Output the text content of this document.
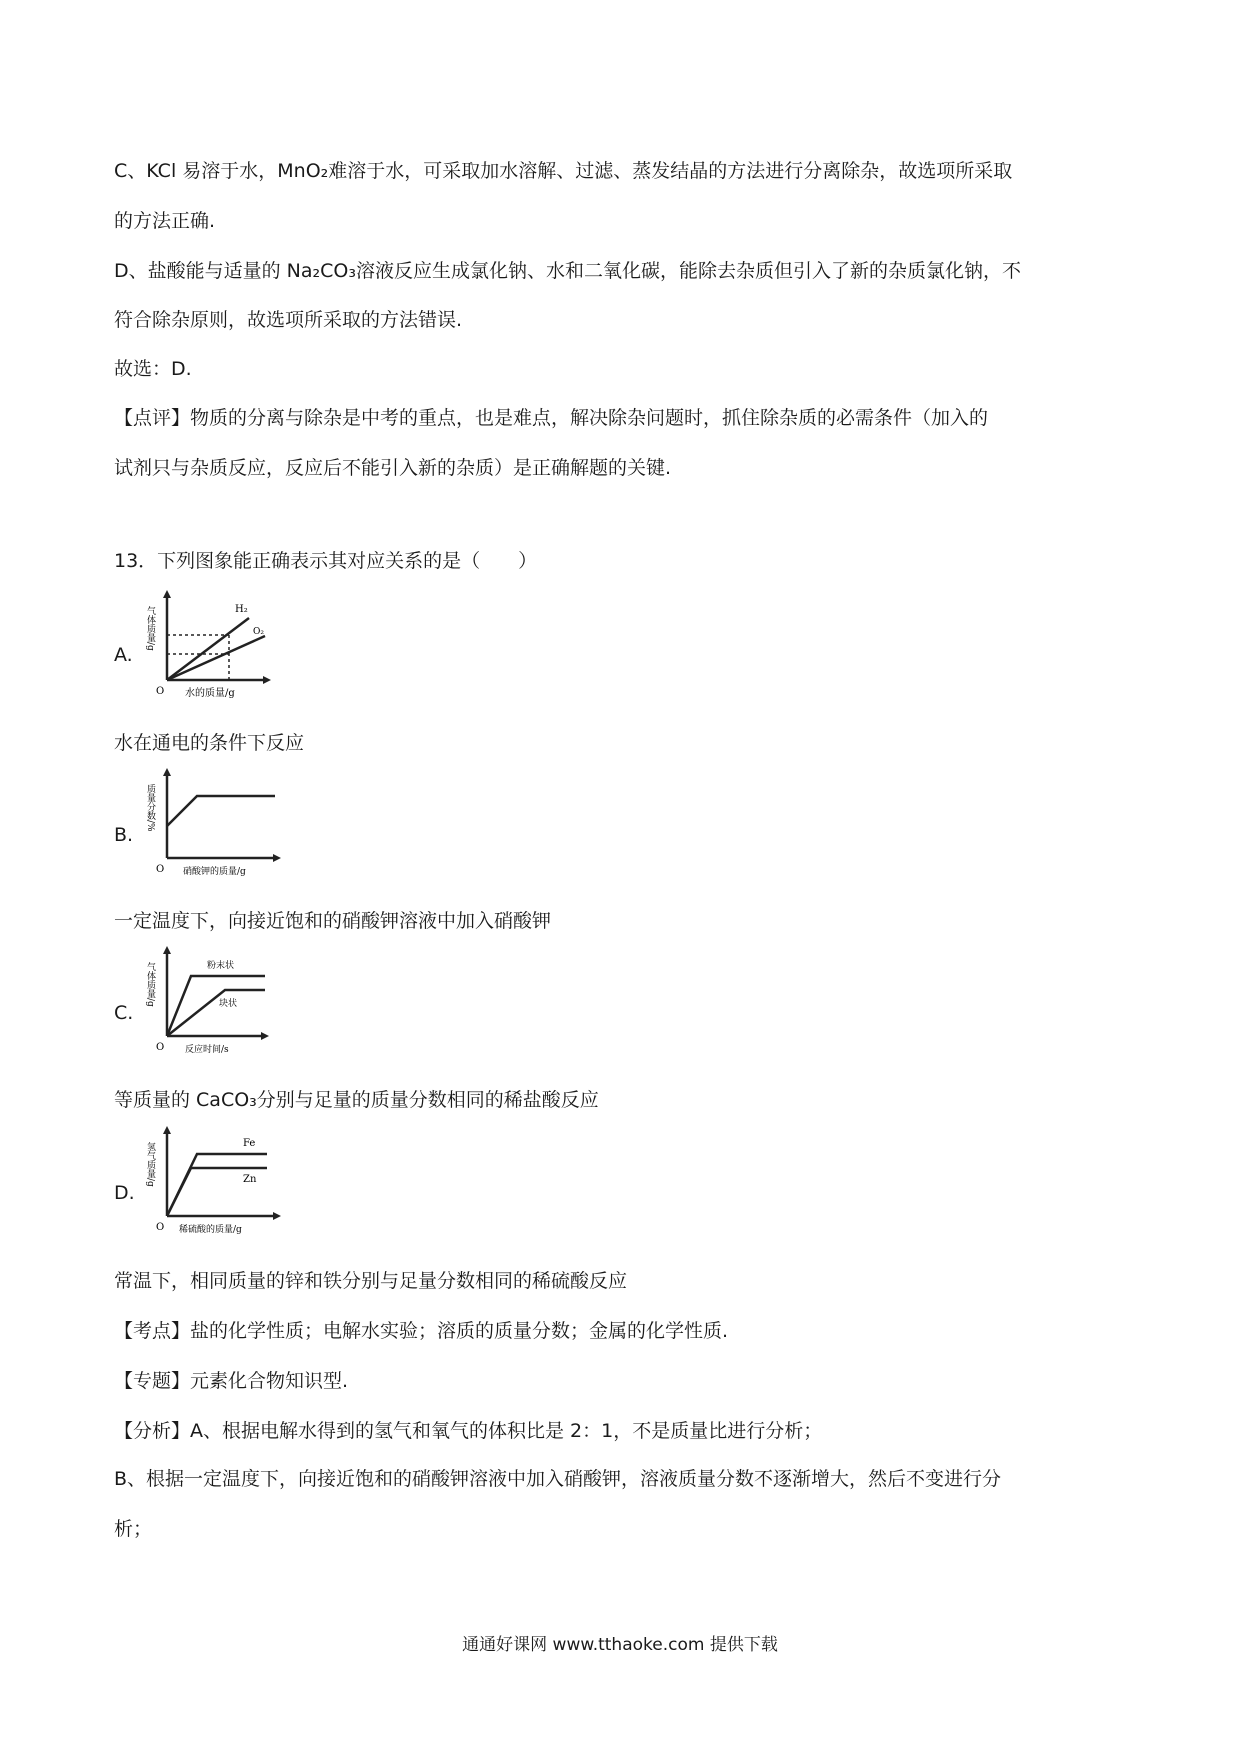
C、KCl 易溶于水，MnO₂难溶于水，可采取加水溶解、过滤、蒸发结晶的方法进行分离除杂，故选项所采取
的方法正确.
D、盐酸能与适量的 Na₂CO₃溶液反应生成氯化钠、水和二氧化碳，能除去杂质但引入了新的杂质氯化钠，不
符合除杂原则，故选项所采取的方法错误.
故选：D.
【点评】物质的分离与除杂是中考的重点，也是难点，解决除杂问题时，抓住除杂质的必需条件（加入的
试剂只与杂质反应，反应后不能引入新的杂质）是正确解题的关键.
13．下列图象能正确表示其对应关系的是（　　）
A.
气体质量/g
O 水的质量/g
H₂
O₂
水在通电的条件下反应
B.
质量分数/%
O 硝酸钾的质量/g
一定温度下，向接近饱和的硝酸钾溶液中加入硝酸钾
C.
气体质量/g
O 反应时间/s
粉末状
块状
等质量的 CaCO₃分别与足量的质量分数相同的稀盐酸反应
D.
氢气质量/g
O 稀硫酸的质量/g
Fe
Zn
常温下，相同质量的锌和铁分别与足量分数相同的稀硫酸反应
【考点】盐的化学性质；电解水实验；溶质的质量分数；金属的化学性质.
【专题】元素化合物知识型.
【分析】A、根据电解水得到的氢气和氧气的体积比是 2：1，不是质量比进行分析；
B、根据一定温度下，向接近饱和的硝酸钾溶液中加入硝酸钾，溶液质量分数不逐渐增大，然后不变进行分
析；
通通好课网 www.tthaoke.com 提供下载
